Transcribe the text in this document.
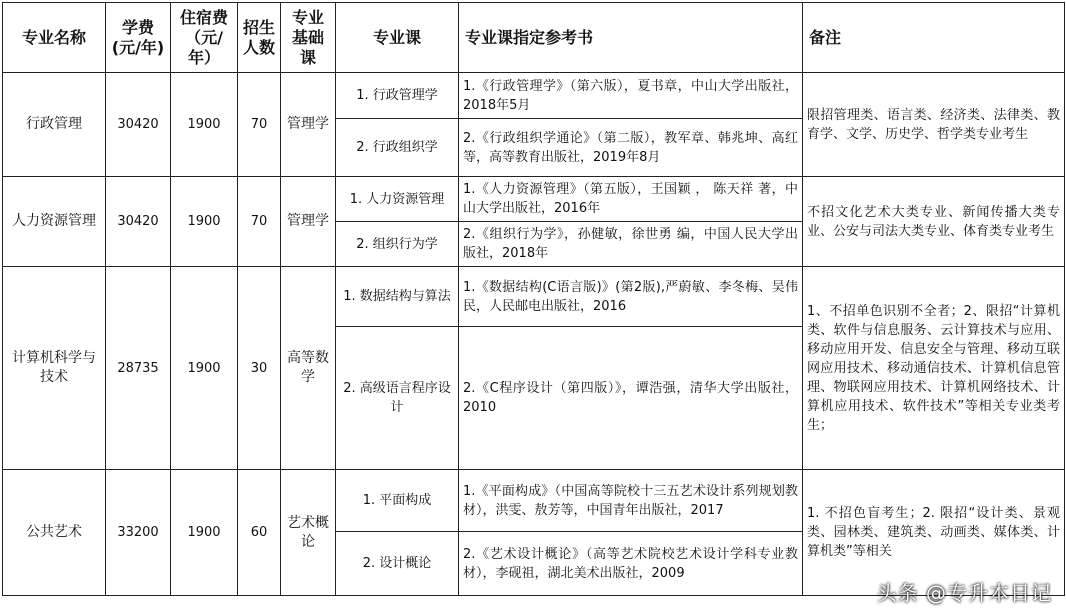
专业名称	学费(元/年)	住宿费（元/年）	招生人数	专业基础课	专业课	专业课指定参考书	备注
行政管理	30420	1900	70	管理学	1. 行政管理学	1.《行政管理学》（第六版），夏书章，中山大学出版社，2018年5月	限招管理类、语言类、经济类、法律类、教育学、文学、历史学、哲学类专业考生
					2. 行政组织学	2.《行政组织学通论》（第二版），教军章、韩兆坤、高红等，高等教育出版社，2019年8月	
人力资源管理	30420	1900	70	管理学	1. 人力资源管理	1.《人力资源管理》（第五版），王国颖 ， 陈天祥 著，中山大学出版社，2016年	不招文化艺术大类专业、新闻传播大类专业、公安与司法大类专业、体育类专业考生
					2. 组织行为学	2.《组织行为学》，孙健敏，徐世勇 编，中国人民大学出版社，2018年	
计算机科学与技术	28735	1900	30	高等数学	1. 数据结构与算法	1.《数据结构(C语言版)》(第2版),严蔚敏、李冬梅、吴伟民，人民邮电出版社，2016	1、不招单色识别不全者；2、限招“计算机类、软件与信息服务、云计算技术与应用、移动应用开发、信息安全与管理、移动互联网应用技术、移动通信技术、计算机信息管理、物联网应用技术、计算机网络技术、计算机应用技术、软件技术”等相关专业类考生；
					2. 高级语言程序设计	2.《C程序设计（第四版）》，谭浩强，清华大学出版社，2010	
公共艺术	33200	1900	60	艺术概论	1. 平面构成	1.《平面构成》（中国高等院校十三五艺术设计系列规划教材），洪雯、敖芳等，中国青年出版社，2017	1. 不招色盲考生；2. 限招“设计类、景观类、园林类、建筑类、动画类、媒体类、计算机类”等相关
					2. 设计概论	2.《艺术设计概论》（高等艺术院校艺术设计学科专业教材），李砚祖，湖北美术出版社，2009	
头条 @专升本日记
